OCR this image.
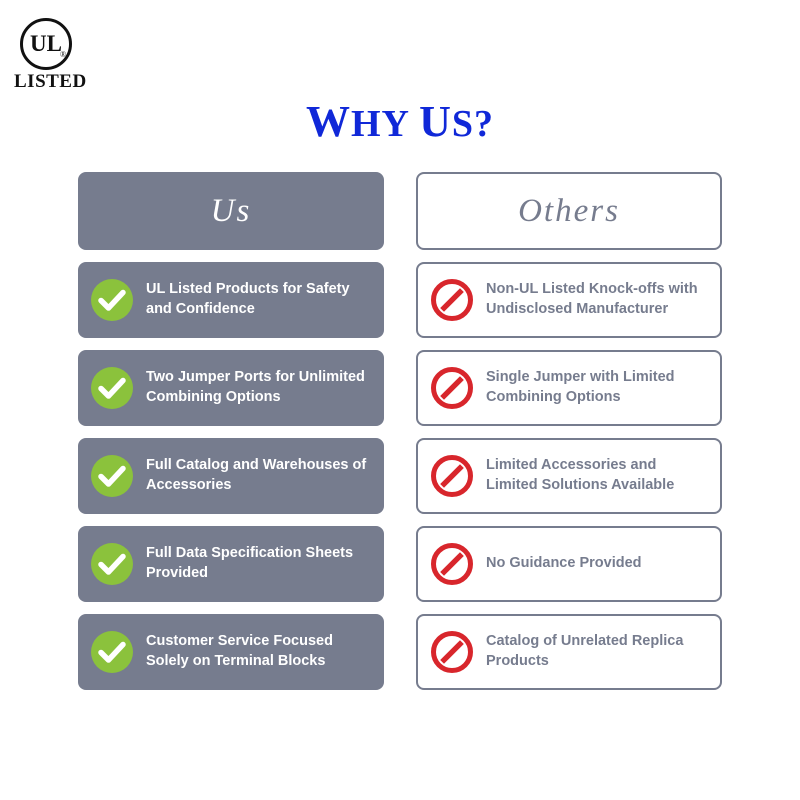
UL
®
LISTED
WHY US?
Us	Others
UL Listed Products for Safety and Confidence
Non-UL Listed Knock-offs with Undisclosed Manufacturer
Two Jumper Ports for Unlimited Combining Options
Single Jumper with Limited Combining Options
Full Catalog and Warehouses of Accessories
Limited Accessories and Limited Solutions Available
Full Data Specification Sheets Provided
No Guidance Provided
Customer Service Focused Solely on Terminal Blocks
Catalog of Unrelated Replica Products
